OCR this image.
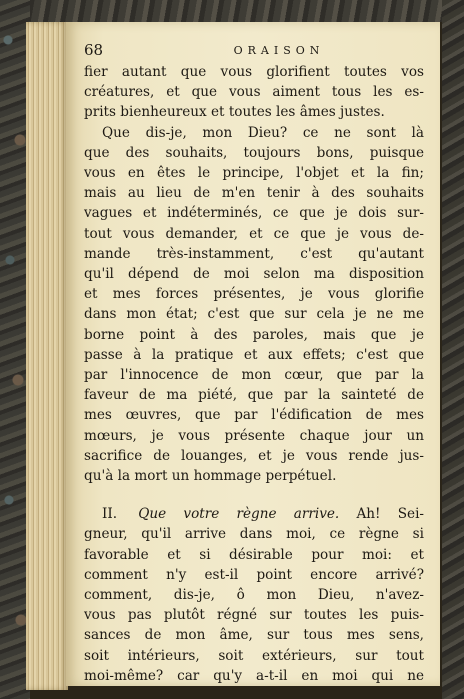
68	ORAISON
fier autant que vous glorifient toutes vos
créatures, et que vous aiment tous les es-
prits bienheureux et toutes les âmes justes.
Que dis-je, mon Dieu? ce ne sont là
que des souhaits, toujours bons, puisque
vous en êtes le principe, l'objet et la fin;
mais au lieu de m'en tenir à des souhaits
vagues et indéterminés, ce que je dois sur-
tout vous demander, et ce que je vous de-
mande très-instamment, c'est qu'autant
qu'il dépend de moi selon ma disposition
et mes forces présentes, je vous glorifie
dans mon état; c'est que sur cela je ne me
borne point à des paroles, mais que je
passe à la pratique et aux effets; c'est que
par l'innocence de mon cœur, que par la
faveur de ma piété, que par la sainteté de
mes œuvres, que par l'édification de mes
mœurs, je vous présente chaque jour un
sacrifice de louanges, et je vous rende jus-
qu'à la mort un hommage perpétuel.
II. Que votre règne arrive. Ah! Sei-
gneur, qu'il arrive dans moi, ce règne si
favorable et si désirable pour moi: et
comment n'y est-il point encore arrivé?
comment, dis-je, ô mon Dieu, n'avez-
vous pas plutôt régné sur toutes les puis-
sances de mon âme, sur tous mes sens,
soit intérieurs, soit extérieurs, sur tout
moi-même? car qu'y a-t-il en moi qui ne
